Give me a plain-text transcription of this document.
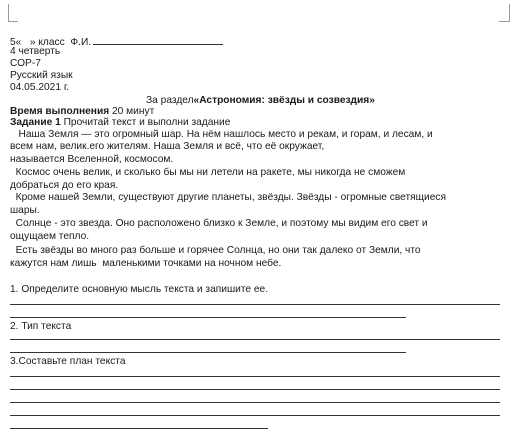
5« » класс Ф.И.
4 четверть
СОР-7
Русский язык
04.05.2021 г.
За раздел«Астрономия: звёзды и созвездия»
Время выполнения 20 минут
Задание 1 Прочитай текст и выполни задание
Наша Земля — это огромный шар. На нём нашлось место и рекам, и горам, и лесам, и
всем нам, велик.его жителям. Наша Земля и всё, что её окружает,
называется Вселенной, космосом.
Космос очень велик, и сколько бы мы ни летели на ракете, мы никогда не сможем
добраться до его края.
Кроме нашей Земли, существуют другие планеты, звёзды. Звёзды - огромные светящиеся
шары.
Солнце - это звезда. Оно расположено близко к Земле, и поэтому мы видим его свет и
ощущаем тепло.
Есть звёзды во много раз больше и горячее Солнца, но они так далеко от Земли, что
кажутся нам лишь  маленькими точками на ночном небе.
1. Определите основную мысль текста и запишите ее.
2. Тип текста
3.Составьте план текста
